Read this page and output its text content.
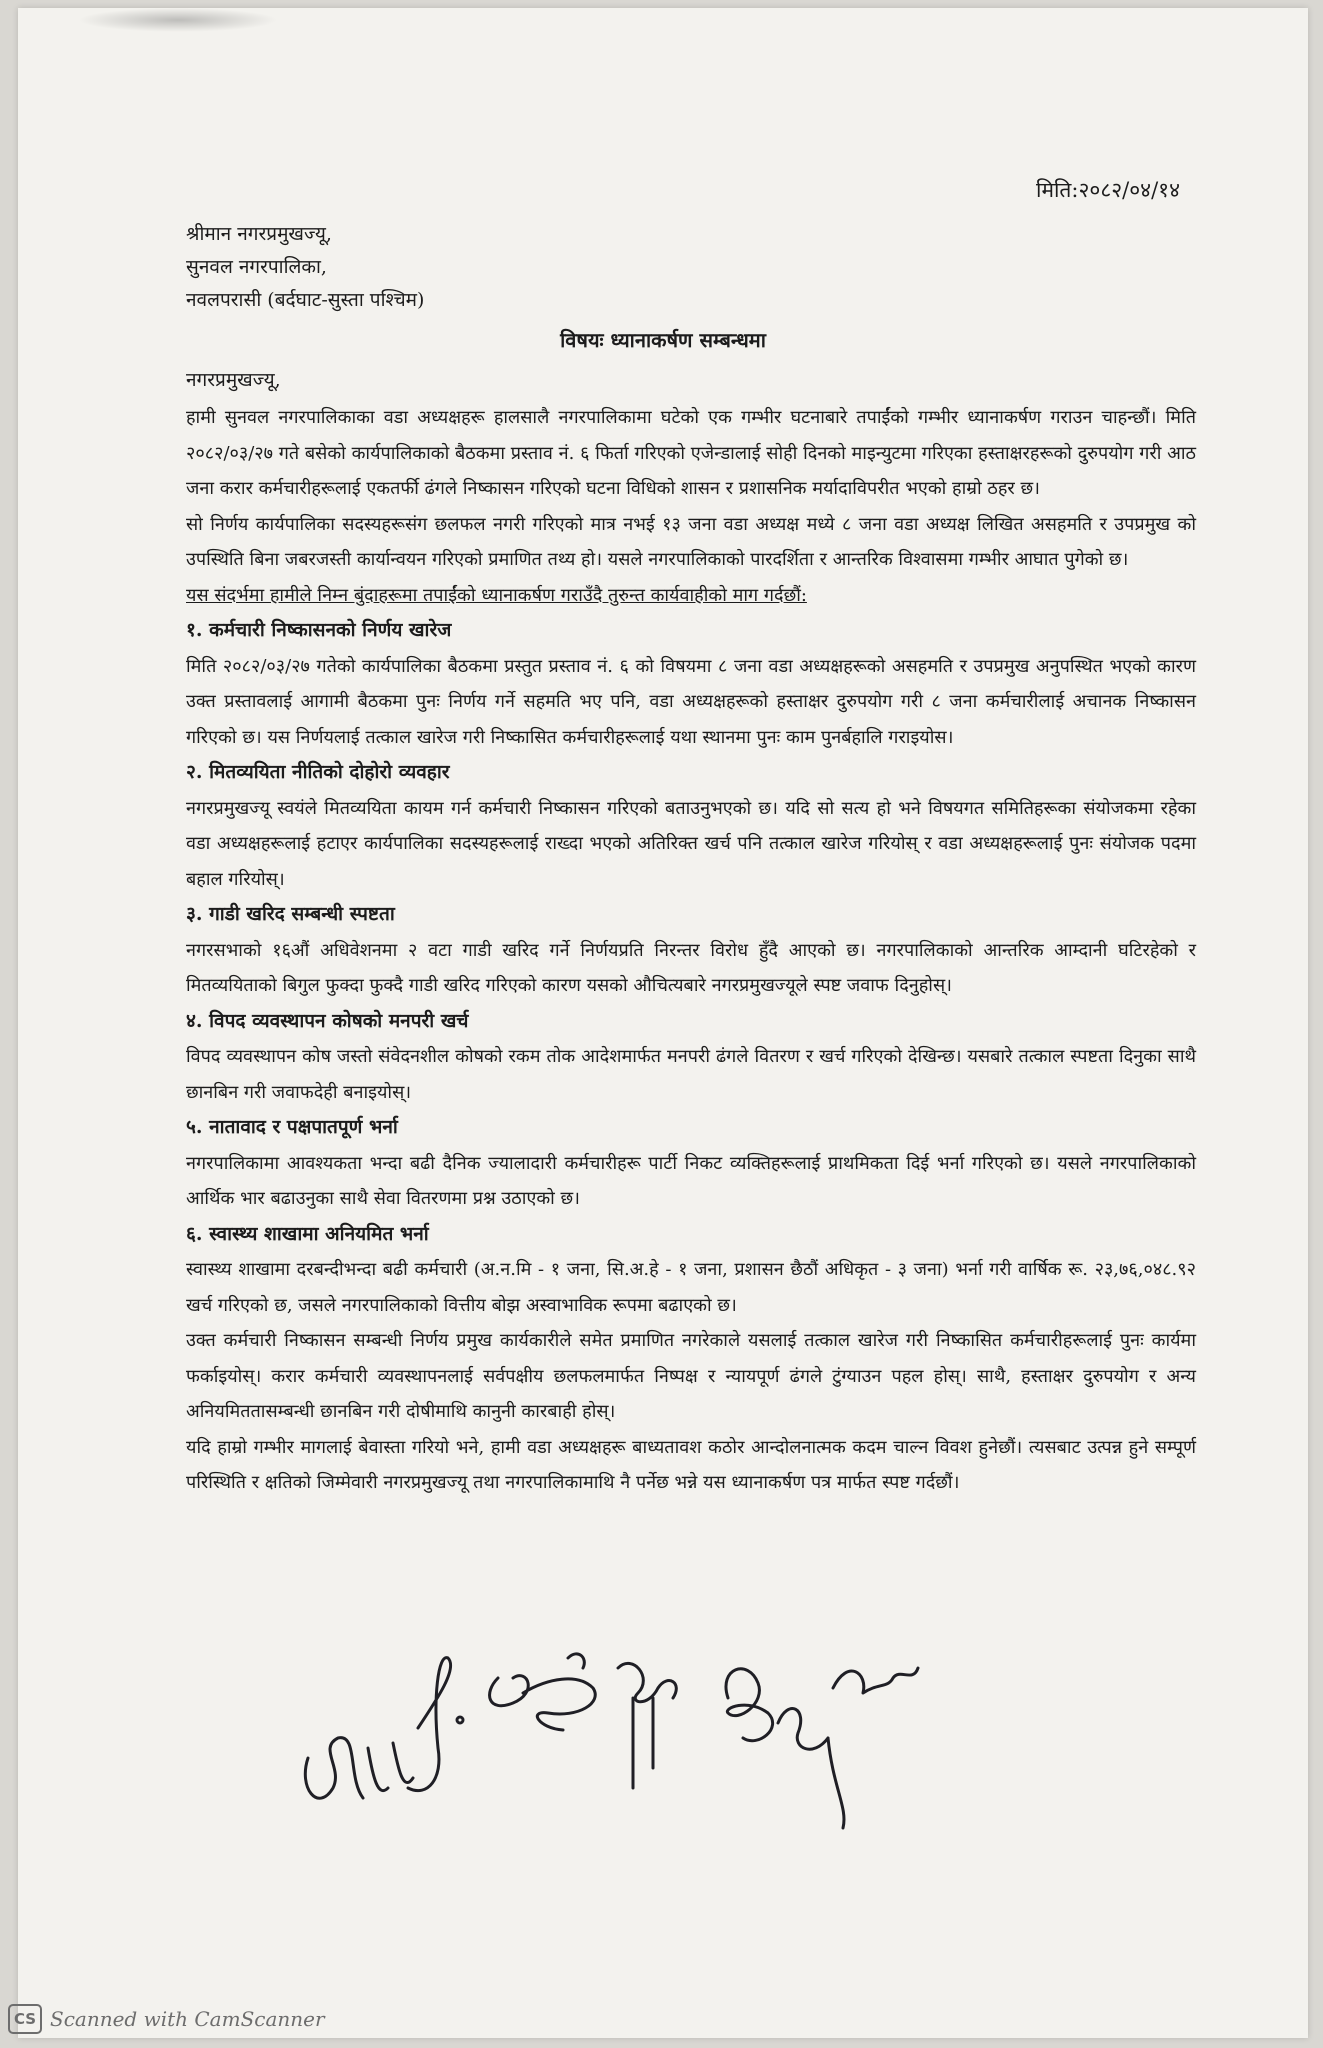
मिति:२०८२/०४/१४
श्रीमान नगरप्रमुखज्यू,
सुनवल नगरपालिका,
नवलपरासी (बर्दघाट-सुस्ता पश्चिम)
विषयः ध्यानाकर्षण सम्बन्धमा
नगरप्रमुखज्यू,

हामी सुनवल नगरपालिकाका वडा अध्यक्षहरू हालसालै नगरपालिकामा घटेको एक गम्भीर घटनाबारे तपाईंको गम्भीर ध्यानाकर्षण गराउन चाहन्छौं। मिति २०८२/०३/२७ गते बसेको कार्यपालिकाको बैठकमा प्रस्ताव नं. ६ फिर्ता गरिएको एजेन्डालाई सोही दिनको माइन्युटमा गरिएका हस्ताक्षरहरूको दुरुपयोग गरी आठ जना करार कर्मचारीहरूलाई एकतर्फी ढंगले निष्कासन गरिएको घटना विधिको शासन र प्रशासनिक मर्यादाविपरीत भएको हाम्रो ठहर छ।

सो निर्णय कार्यपालिका सदस्यहरूसंग छलफल नगरी गरिएको मात्र नभई १३ जना वडा अध्यक्ष मध्ये ८ जना वडा अध्यक्ष लिखित असहमति र उपप्रमुख को उपस्थिति बिना जबरजस्ती कार्यान्वयन गरिएको प्रमाणित तथ्य हो। यसले नगरपालिकाको पारदर्शिता र आन्तरिक विश्वासमा गम्भीर आघात पुगेको छ।

यस संदर्भमा हामीले निम्न बुंदाहरूमा तपाईंको ध्यानाकर्षण गराउँदै तुरुन्त कार्यवाहीको माग गर्दछौं:

१. कर्मचारी निष्कासनको निर्णय खारेज

मिति २०८२/०३/२७ गतेको कार्यपालिका बैठकमा प्रस्तुत प्रस्ताव नं. ६ को विषयमा ८ जना वडा अध्यक्षहरूको असहमति र उपप्रमुख अनुपस्थित भएको कारण उक्त प्रस्तावलाई आगामी बैठकमा पुनः निर्णय गर्ने सहमति भए पनि, वडा अध्यक्षहरूको हस्ताक्षर दुरुपयोग गरी ८ जना कर्मचारीलाई अचानक निष्कासन गरिएको छ। यस निर्णयलाई तत्काल खारेज गरी निष्कासित कर्मचारीहरूलाई यथा स्थानमा पुनः काम पुनर्बहालि गराइयोस।

२. मितव्ययिता नीतिको दोहोरो व्यवहार

नगरप्रमुखज्यू स्वयंले मितव्ययिता कायम गर्न कर्मचारी निष्कासन गरिएको बताउनुभएको छ। यदि सो सत्य हो भने विषयगत समितिहरूका संयोजकमा रहेका वडा अध्यक्षहरूलाई हटाएर कार्यपालिका सदस्यहरूलाई राख्दा भएको अतिरिक्त खर्च पनि तत्काल खारेज गरियोस् र वडा अध्यक्षहरूलाई पुनः संयोजक पदमा बहाल गरियोस्।

३. गाडी खरिद सम्बन्धी स्पष्टता

नगरसभाको १६औं अधिवेशनमा २ वटा गाडी खरिद गर्ने निर्णयप्रति निरन्तर विरोध हुँदै आएको छ। नगरपालिकाको आन्तरिक आम्दानी घटिरहेको र मितव्ययिताको बिगुल फुक्दा फुक्दै गाडी खरिद गरिएको कारण यसको औचित्यबारे नगरप्रमुखज्यूले स्पष्ट जवाफ दिनुहोस्।

४. विपद व्यवस्थापन कोषको मनपरी खर्च

विपद व्यवस्थापन कोष जस्तो संवेदनशील कोषको रकम तोक आदेशमार्फत मनपरी ढंगले वितरण र खर्च गरिएको देखिन्छ। यसबारे तत्काल स्पष्टता दिनुका साथै छानबिन गरी जवाफदेही बनाइयोस्।

५. नातावाद र पक्षपातपूर्ण भर्ना

नगरपालिकामा आवश्यकता भन्दा बढी दैनिक ज्यालादारी कर्मचारीहरू पार्टी निकट व्यक्तिहरूलाई प्राथमिकता दिई भर्ना गरिएको छ। यसले नगरपालिकाको आर्थिक भार बढाउनुका साथै सेवा वितरणमा प्रश्न उठाएको छ।

६. स्वास्थ्य शाखामा अनियमित भर्ना

स्वास्थ्य शाखामा दरबन्दीभन्दा बढी कर्मचारी (अ.न.मि - १ जना, सि.अ.हे - १ जना, प्रशासन छैठौं अधिकृत - ३ जना) भर्ना गरी वार्षिक रू. २३,७६,०४८.९२ खर्च गरिएको छ, जसले नगरपालिकाको वित्तीय बोझ अस्वाभाविक रूपमा बढाएको छ।

उक्त कर्मचारी निष्कासन सम्बन्धी निर्णय प्रमुख कार्यकारीले समेत प्रमाणित नगरेकाले यसलाई तत्काल खारेज गरी निष्कासित कर्मचारीहरूलाई पुनः कार्यमा फर्काइयोस्। करार कर्मचारी व्यवस्थापनलाई सर्वपक्षीय छलफलमार्फत निष्पक्ष र न्यायपूर्ण ढंगले टुंग्याउन पहल होस्। साथै, हस्ताक्षर दुरुपयोग र अन्य अनियमिततासम्बन्धी छानबिन गरी दोषीमाथि कानुनी कारबाही होस्।

यदि हाम्रो गम्भीर मागलाई बेवास्ता गरियो भने, हामी वडा अध्यक्षहरू बाध्यतावश कठोर आन्दोलनात्मक कदम चाल्न विवश हुनेछौं। त्यसबाट उत्पन्न हुने सम्पूर्ण परिस्थिति र क्षतिको जिम्मेवारी नगरप्रमुखज्यू तथा नगरपालिकामाथि नै पर्नेछ भन्ने यस ध्यानाकर्षण पत्र मार्फत स्पष्ट गर्दछौं।

CS Scanned with CamScanner
